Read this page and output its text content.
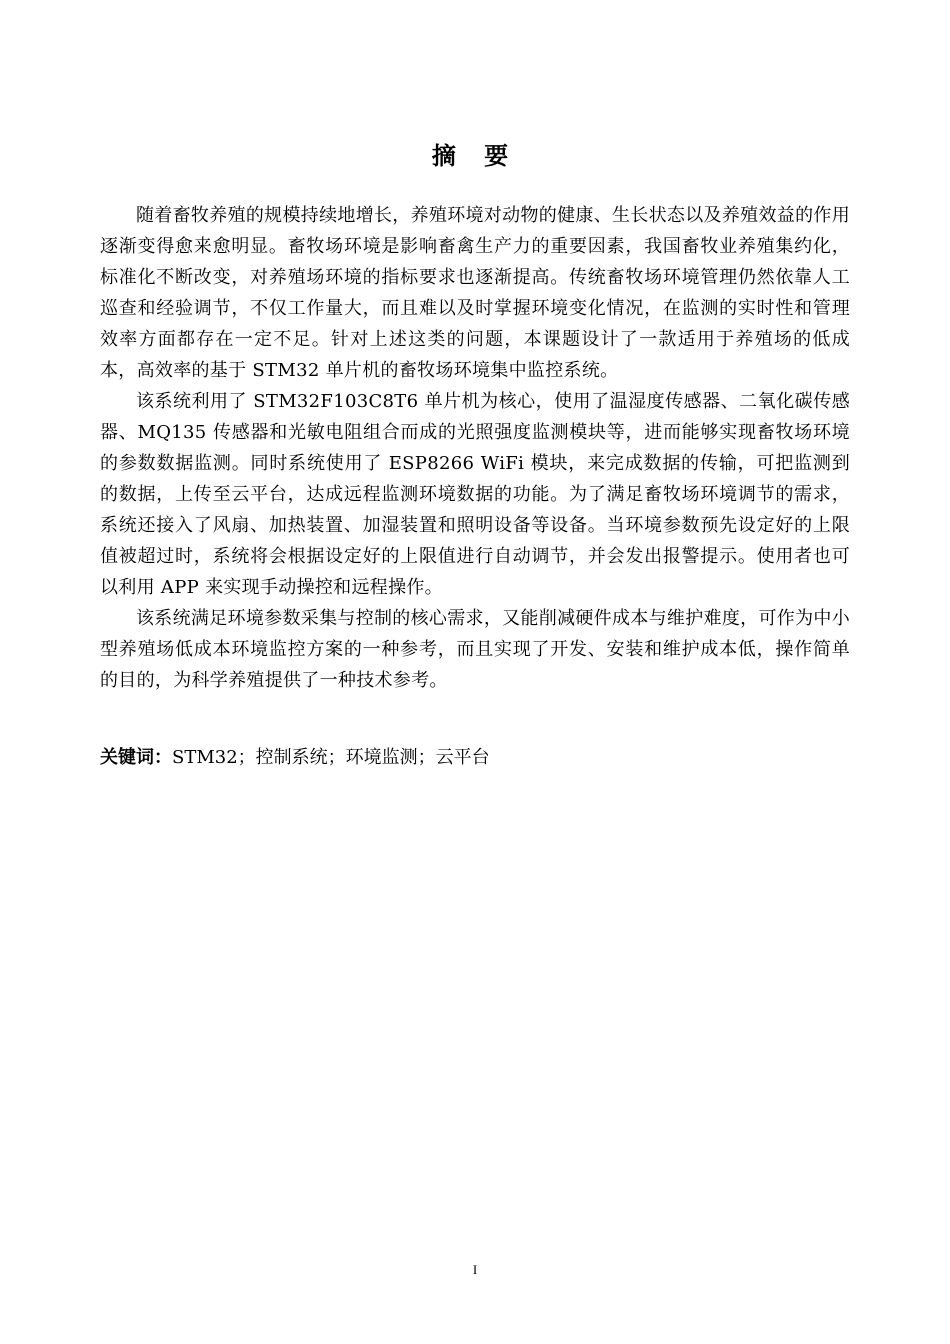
摘 要

随着畜牧养殖的规模持续地增长，养殖环境对动物的健康、生长状态以及养殖效益的作用逐渐变得愈来愈明显。畜牧场环境是影响畜禽生产力的重要因素，我国畜牧业养殖集约化，标准化不断改变，对养殖场环境的指标要求也逐渐提高。传统畜牧场环境管理仍然依靠人工巡查和经验调节，不仅工作量大，而且难以及时掌握环境变化情况，在监测的实时性和管理效率方面都存在一定不足。针对上述这类的问题，本课题设计了一款适用于养殖场的低成本，高效率的基于 STM32 单片机的畜牧场环境集中监控系统。

该系统利用了 STM32F103C8T6 单片机为核心，使用了温湿度传感器、二氧化碳传感器、MQ135 传感器和光敏电阻组合而成的光照强度监测模块等，进而能够实现畜牧场环境的参数数据监测。同时系统使用了 ESP8266 WiFi 模块，来完成数据的传输，可把监测到的数据，上传至云平台，达成远程监测环境数据的功能。为了满足畜牧场环境调节的需求，系统还接入了风扇、加热装置、加湿装置和照明设备等设备。当环境参数预先设定好的上限值被超过时，系统将会根据设定好的上限值进行自动调节，并会发出报警提示。使用者也可以利用 APP 来实现手动操控和远程操作。

该系统满足环境参数采集与控制的核心需求，又能削减硬件成本与维护难度，可作为中小型养殖场低成本环境监控方案的一种参考，而且实现了开发、安装和维护成本低，操作简单的目的，为科学养殖提供了一种技术参考。

关键词：STM32；控制系统；环境监测；云平台
I
